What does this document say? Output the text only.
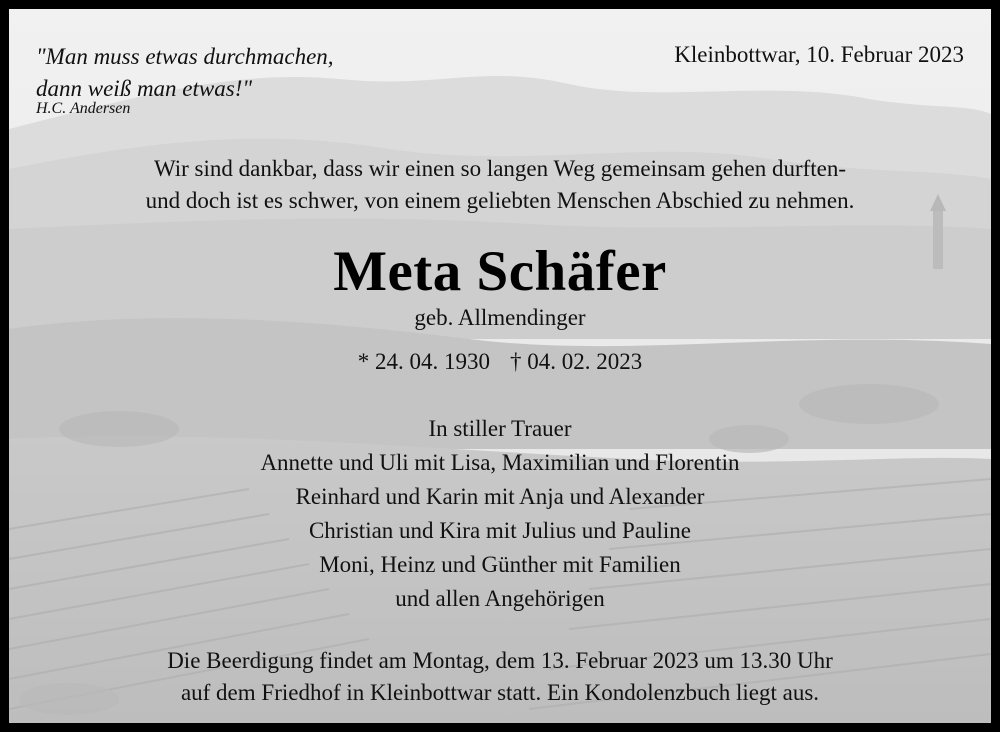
"Man muss etwas durchmachen,
dann weiß man etwas!"
H.C. Andersen
Kleinbottwar, 10. Februar 2023
Wir sind dankbar, dass wir einen so langen Weg gemeinsam gehen durften-
und doch ist es schwer, von einem geliebten Menschen Abschied zu nehmen.
Meta Schäfer
geb. Allmendinger
* 24. 04. 1930 † 04. 02. 2023
In stiller Trauer
Annette und Uli mit Lisa, Maximilian und Florentin
Reinhard und Karin mit Anja und Alexander
Christian und Kira mit Julius und Pauline
Moni, Heinz und Günther mit Familien
und allen Angehörigen
Die Beerdigung findet am Montag, dem 13. Februar 2023 um 13.30 Uhr
auf dem Friedhof in Kleinbottwar statt. Ein Kondolenzbuch liegt aus.
